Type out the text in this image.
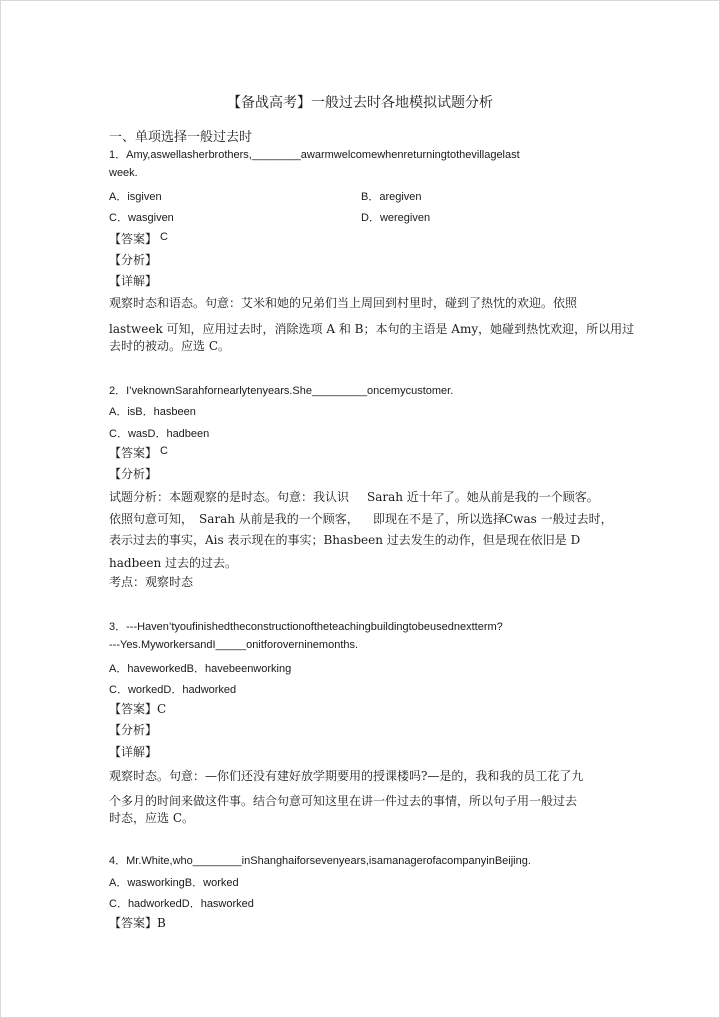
【备战高考】一般过去时各地模拟试题分析
一、单项选择一般过去时
1．Amy,aswellasherbrothers,________awarmwelcomewhenreturningtothevillagelast
week.
A．isgiven	B．aregiven
C．wasgiven	D．weregiven
【答案】 C
【分析】
【详解】
观察时态和语态。句意：艾米和她的兄弟们当上周回到村里时，碰到了热忱的欢迎。依照
lastweek 可知，应用过去时，消除选项 A 和 B；本句的主语是 Amy，她碰到热忱欢迎，所以用过
去时的被动。应选 C。
2．I’veknownSarahfornearlytenyears.She_________oncemycustomer.
A．isB．hasbeen
C．wasD．hadbeen
【答案】 C
【分析】
试题分析：本题观察的是时态。句意：我认识 Sarah 近十年了。她从前是我的一个顾客。
依照句意可知， Sarah 从前是我的一个顾客， 即现在不是了，所以选择
Cwas 一般过去时，
表示过去的事实，Ais 表示现在的事实；Bhasbeen 过去发生的动作，但是现在依旧是 D
hadbeen 过去的过去。
考点：观察时态
3．---Haven’tyoufinishedtheconstructionoftheteachingbuildingtobeusednextterm?
---Yes.MyworkersandI_____onitforoverninemonths.
A．haveworkedB．havebeenworking
C．workedD．hadworked
【答案】C
【分析】
【详解】
观察时态。句意：—你们还没有建好放学期要用的授课楼吗?—是的，我和我的员工花了九
个多月的时间来做这件事。结合句意可知这里在讲一件过去的事情，所以句子用一般过去
时态，应选 C。
4．Mr.White,who________inShanghaiforsevenyears,isamanagerofacompanyinBeijing.
A．wasworkingB．worked
C．hadworkedD．hasworked
【答案】B
